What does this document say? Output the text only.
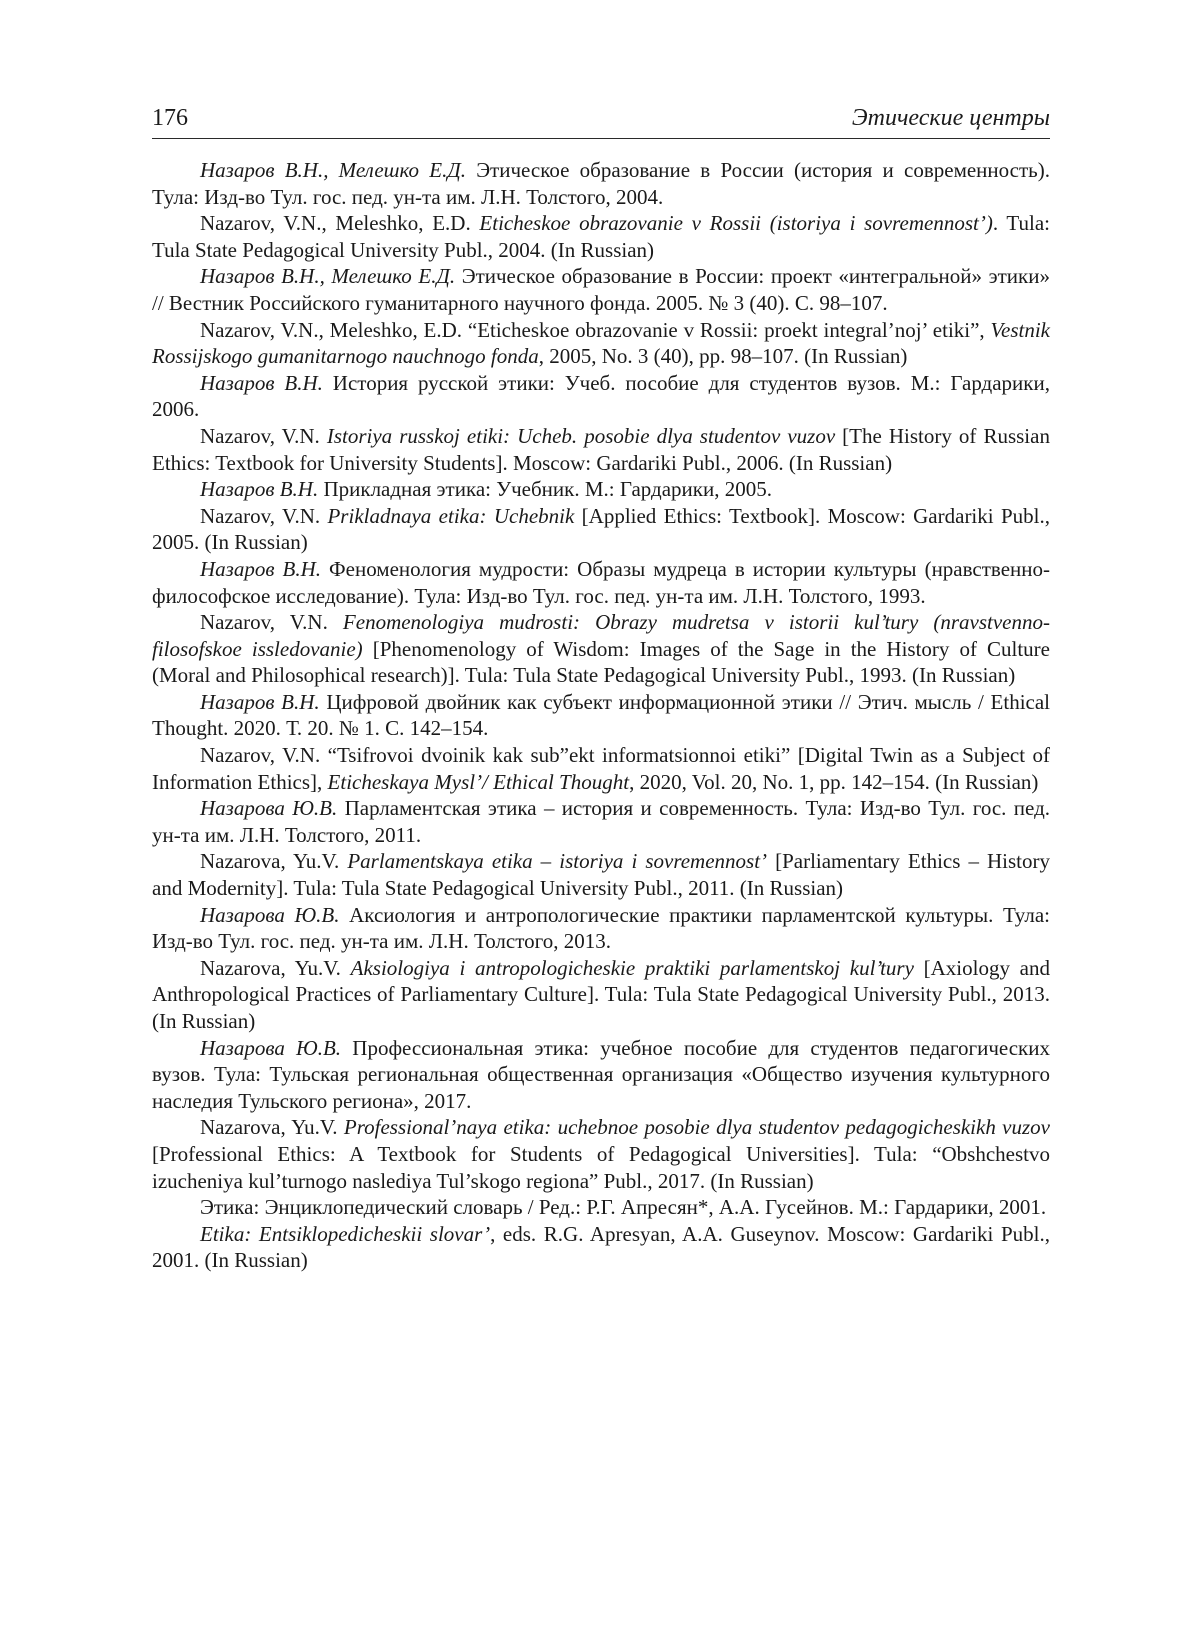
176	Этические центры

Назаров В.Н., Мелешко Е.Д. Этическое образование в России (история и современность). Тула: Изд-во Тул. гос. пед. ун-та им. Л.Н. Толстого, 2004.

Nazarov, V.N., Meleshko, E.D. Eticheskoe obrazovanie v Rossii (istoriya i sovremennost’). Tula: Tula State Pedagogical University Publ., 2004. (In Russian)

Назаров В.Н., Мелешко Е.Д. Этическое образование в России: проект «интегральной» этики» // Вестник Российского гуманитарного научного фонда. 2005. № 3 (40). С. 98–107.

Nazarov, V.N., Meleshko, E.D. “Eticheskoe obrazovanie v Rossii: proekt integral’noj’ etiki”, Vestnik Rossijskogo gumanitarnogo nauchnogo fonda, 2005, No. 3 (40), pp. 98–107. (In Russian)

Назаров В.Н. История русской этики: Учеб. пособие для студентов вузов. М.: Гардарики, 2006.

Nazarov, V.N. Istoriya russkoj etiki: Ucheb. posobie dlya studentov vuzov [The History of Russian Ethics: Textbook for University Students]. Moscow: Gardariki Publ., 2006. (In Russian)

Назаров В.Н. Прикладная этика: Учебник. М.: Гардарики, 2005.

Nazarov, V.N. Prikladnaya etika: Uchebnik [Applied Ethics: Textbook]. Moscow: Gardariki Publ., 2005. (In Russian)

Назаров В.Н. Феноменология мудрости: Образы мудреца в истории культуры (нравственно-философское исследование). Тула: Изд-во Тул. гос. пед. ун-та им. Л.Н. Толстого, 1993.

Nazarov, V.N. Fenomenologiya mudrosti: Obrazy mudretsa v istorii kul’tury (nravstvenno-filosofskoe issledovanie) [Phenomenology of Wisdom: Images of the Sage in the History of Culture (Moral and Philosophical research)]. Tula: Tula State Pedagogical University Publ., 1993. (In Russian)

Назаров В.Н. Цифровой двойник как субъект информационной этики // Этич. мысль / Ethical Thought. 2020. Т. 20. № 1. С. 142–154.

Nazarov, V.N. “Tsifrovoi dvoinik kak sub”ekt informatsionnoi etiki” [Digital Twin as a Subject of Information Ethics], Eticheskaya Mysl’/ Ethical Thought, 2020, Vol. 20, No. 1, pp. 142–154. (In Russian)

Назарова Ю.В. Парламентская этика – история и современность. Тула: Изд-во Тул. гос. пед. ун-та им. Л.Н. Толстого, 2011.

Nazarova, Yu.V. Parlamentskaya etika – istoriya i sovremennost’ [Parliamentary Ethics – History and Modernity]. Tula: Tula State Pedagogical University Publ., 2011. (In Russian)

Назарова Ю.В. Аксиология и антропологические практики парламентской культуры. Тула: Изд-во Тул. гос. пед. ун-та им. Л.Н. Толстого, 2013.

Nazarova, Yu.V. Aksiologiya i antropologicheskie praktiki parlamentskoj kul’tury [Axiology and Anthropological Practices of Parliamentary Culture]. Tula: Tula State Pedagogical University Publ., 2013. (In Russian)

Назарова Ю.В. Профессиональная этика: учебное пособие для студентов педагогических вузов. Тула: Тульская региональная общественная организация «Общество изучения культурного наследия Тульского региона», 2017.

Nazarova, Yu.V. Professional’naya etika: uchebnoe posobie dlya studentov pedagogicheskikh vuzov [Professional Ethics: A Textbook for Students of Pedagogical Universities]. Tula: “Obshchestvo izucheniya kul’turnogo naslediya Tul’skogo regiona” Publ., 2017. (In Russian)

Этика: Энциклопедический словарь / Ред.: Р.Г. Апресян*, А.А. Гусейнов. М.: Гардарики, 2001.

Etika: Entsiklopedicheskii slovar’, eds. R.G. Apresyan, A.A. Guseynov. Moscow: Gardariki Publ., 2001. (In Russian)
